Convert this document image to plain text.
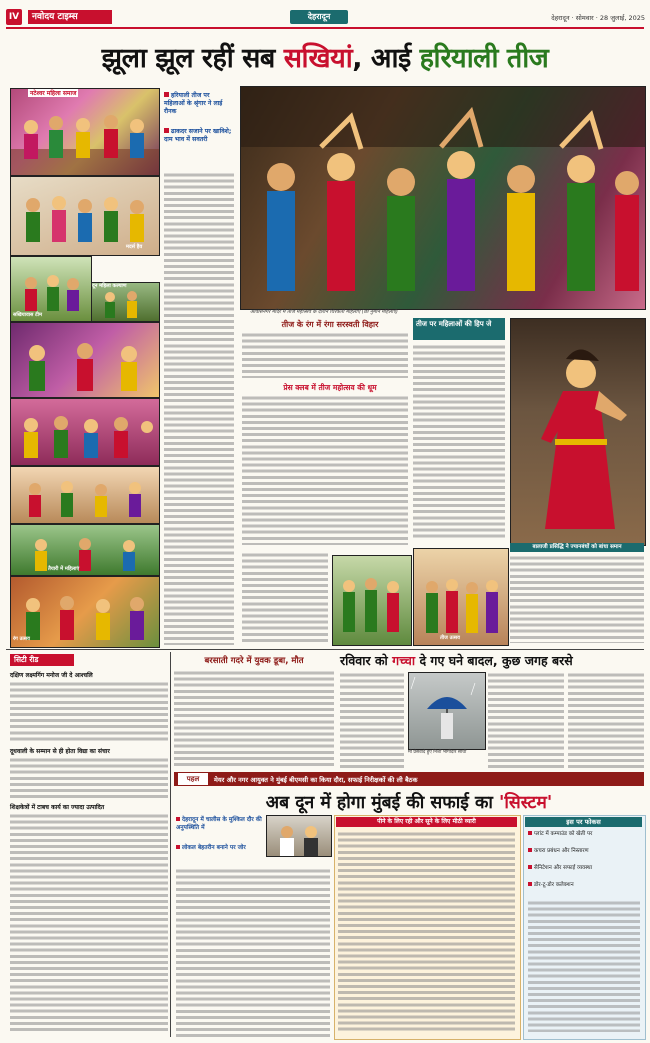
IV	नवोदय टाइम्स	देहरादून	देहरादून · सोमवार · 28 जुलाई, 2025
झूला झूल रहीं सब सखियां, आई हरियाली तीज
नटेश्वर महिला समाज
मदर्स हैव
सखियावास टीम
दून महिला कल्याण
तैयारी में महिलाएं
रंग उत्सव
हरियाली तीज पर महिलाओं के श्रृंगार ने लाई रौनक
ढाकदर सजाने पर खाविशे; दाम भाव में सवतरी
आवासनगर मंदिर में तीज महोत्सव के दौरान थिरकती महिलाएं (छा नुमाने महिलाएं)
तीज के रंग में रंगा सरस्वती विहार
प्रेस क्लब में तीज महोत्सव की धूम
तीज पर महिलाओं की हिप जे
बालाजी प्रसिद्धि ने ज्यानबंधों को बांधा समान
तीज उत्सव
सिटी रीड
दक्षिण लक्ष्मगिंग मनोज जी दे आश्चलि
दूधवाली के सम्मान से ही होता विद्या का संचार
शिक्षकेत्रों में टाबच कार्य का ज्यादा उत्पादित
बरसाती गदरे में युवक डूबा, मौत	रविवार को गच्चा दे गए घने बादल, कुछ जगह बरसे
मी प्रेसवादे हुए निशी भागीदार साथी
पहल	मेयर और नगर आयुक्त ने मुंबई बीएमसी का किया दौरा, सफाई निरीक्षकों की ली बैठक
अब दून में होगा मुंबई की सफाई का 'सिस्टम'
देहरादून में चालीस के मुश्किल दौर की अनुपस्थिति में
लोकल बेहतरीन बनाने पर जोर
पीने के लिए रही और सूने के लिए मीठी व्यारी	इस पर फोकस
प्लांट में कम्पाउंड को खेती पर
कचरा प्रबंधन और निस्तारण
सैनिटेशन और सफाई व्यवस्था
डोर-टू-डोर कलेक्शन
